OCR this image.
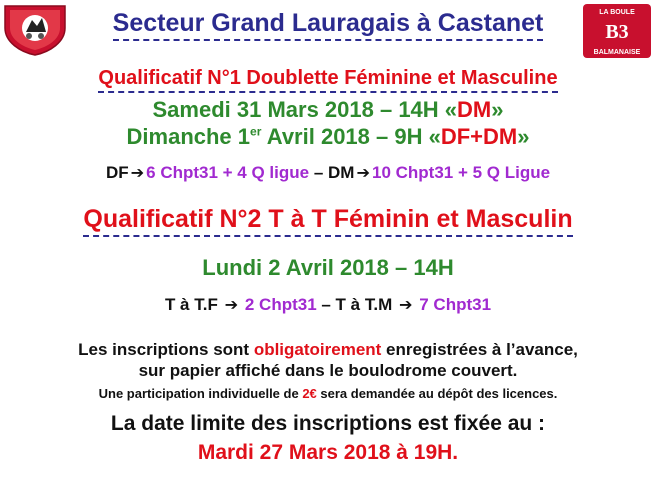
LA BOULE
B3
BALMANAISE
Secteur Grand Lauragais à Castanet
Qualificatif N°1 Doublette Féminine et Masculine
Samedi 31 Mars 2018 – 14H «DM»
Dimanche 1er Avril 2018 – 9H «DF+DM»
DF ➔ 6 Chpt31 + 4 Q ligue – DM ➔ 10 Chpt31 + 5 Q Ligue
Qualificatif N°2 T à T Féminin et Masculin
Lundi 2 Avril 2018 – 14H
T à T.F ➔ 2 Chpt31 – T à T.M ➔ 7 Chpt31
Les inscriptions sont obligatoirement enregistrées à l’avance,
sur papier affiché dans le boulodrome couvert.
Une participation individuelle de 2€ sera demandée au dépôt des licences.
La date limite des inscriptions est fixée au :
Mardi 27 Mars 2018 à 19H.
